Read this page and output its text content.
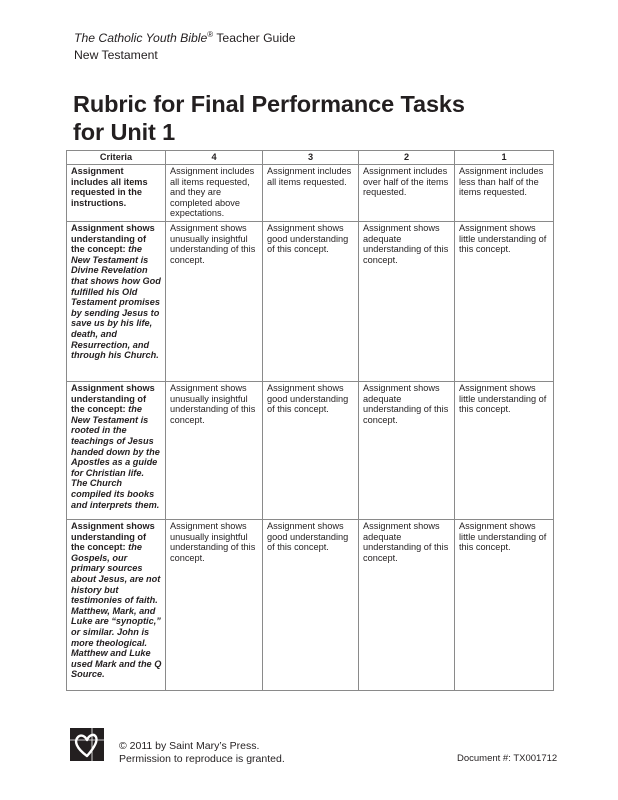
The Catholic Youth Bible® Teacher Guide
New Testament
Rubric for Final Performance Tasks
for Unit 1
Criteria	4	3	2	1
Assignment includes all items requested in the instructions.	Assignment includes all items requested, and they are completed above expectations.	Assignment includes all items requested.	Assignment includes over half of the items requested.	Assignment includes less than half of the items requested.
Assignment shows understanding of the concept: the New Testament is Divine Revelation that shows how God fulfilled his Old Testament promises by sending Jesus to save us by his life, death, and Resurrection, and through his Church.	Assignment shows unusually insightful understanding of this concept.	Assignment shows good understanding of this concept.	Assignment shows adequate understanding of this concept.	Assignment shows little understanding of this concept.
Assignment shows understanding of the concept: the New Testament is rooted in the teachings of Jesus handed down by the Apostles as a guide for Christian life. The Church compiled its books and interprets them.	Assignment shows unusually insightful understanding of this concept.	Assignment shows good understanding of this concept.	Assignment shows adequate understanding of this concept.	Assignment shows little understanding of this concept.
Assignment shows understanding of the concept: the Gospels, our primary sources about Jesus, are not history but testimonies of faith. Matthew, Mark, and Luke are “synoptic,” or similar. John is more theological. Matthew and Luke used Mark and the Q Source.	Assignment shows unusually insightful understanding of this concept.	Assignment shows good understanding of this concept.	Assignment shows adequate understanding of this concept.	Assignment shows little understanding of this concept.
© 2011 by Saint Mary’s Press.
Permission to reproduce is granted.	Document #: TX001712
